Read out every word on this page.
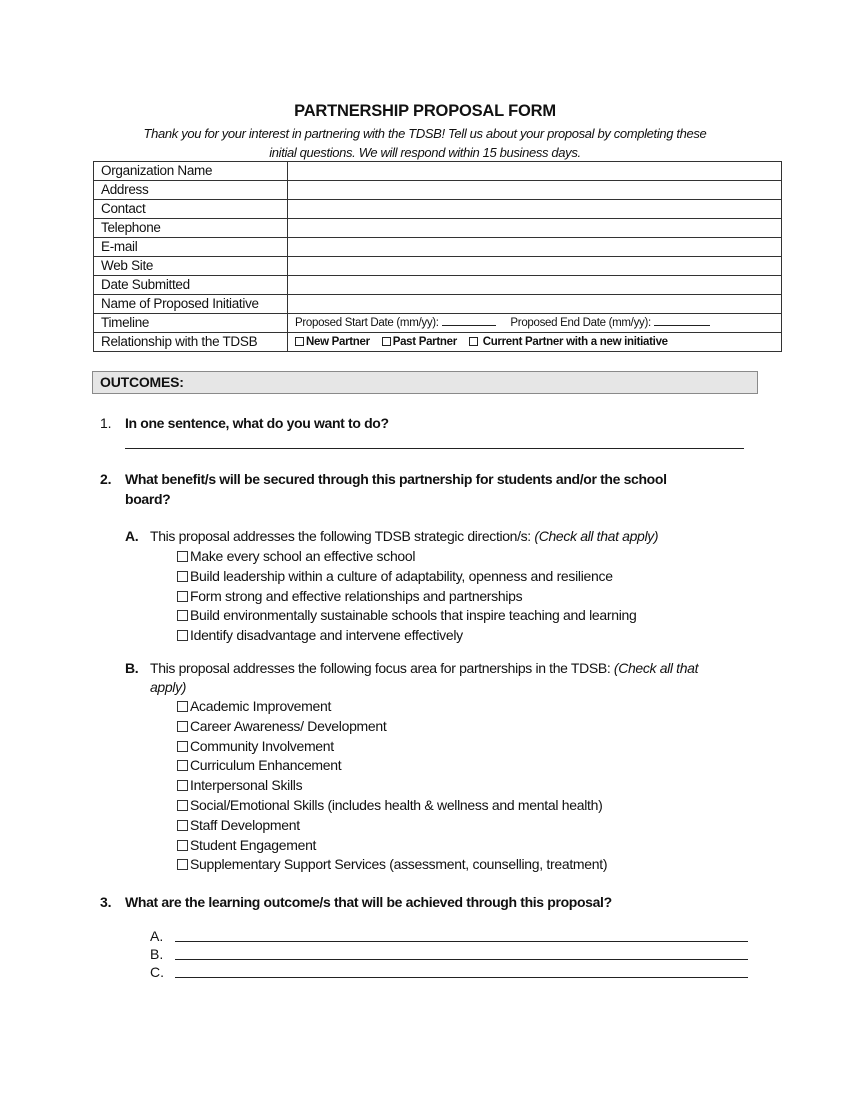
PARTNERSHIP PROPOSAL FORM
Thank you for your interest in partnering with the TDSB! Tell us about your proposal by completing these
initial questions. We will respond within 15 business days.
Organization Name	
Address	
Contact	
Telephone	
E-mail	
Web Site	
Date Submitted	
Name of Proposed Initiative	
Timeline	Proposed Start Date (mm/yy): Proposed End Date (mm/yy):
Relationship with the TDSB	New Partner Past Partner Current Partner with a new initiative
OUTCOMES:
1. In one sentence, what do you want to do?
2. What benefit/s will be secured through this partnership for students and/or the school
board?
A. This proposal addresses the following TDSB strategic direction/s: (Check all that apply)
Make every school an effective school
Build leadership within a culture of adaptability, openness and resilience
Form strong and effective relationships and partnerships
Build environmentally sustainable schools that inspire teaching and learning
Identify disadvantage and intervene effectively
B. This proposal addresses the following focus area for partnerships in the TDSB: (Check all that
apply)
Academic Improvement
Career Awareness/ Development
Community Involvement
Curriculum Enhancement
Interpersonal Skills
Social/Emotional Skills (includes health & wellness and mental health)
Staff Development
Student Engagement
Supplementary Support Services (assessment, counselling, treatment)
3. What are the learning outcome/s that will be achieved through this proposal?
A.
B.
C.
